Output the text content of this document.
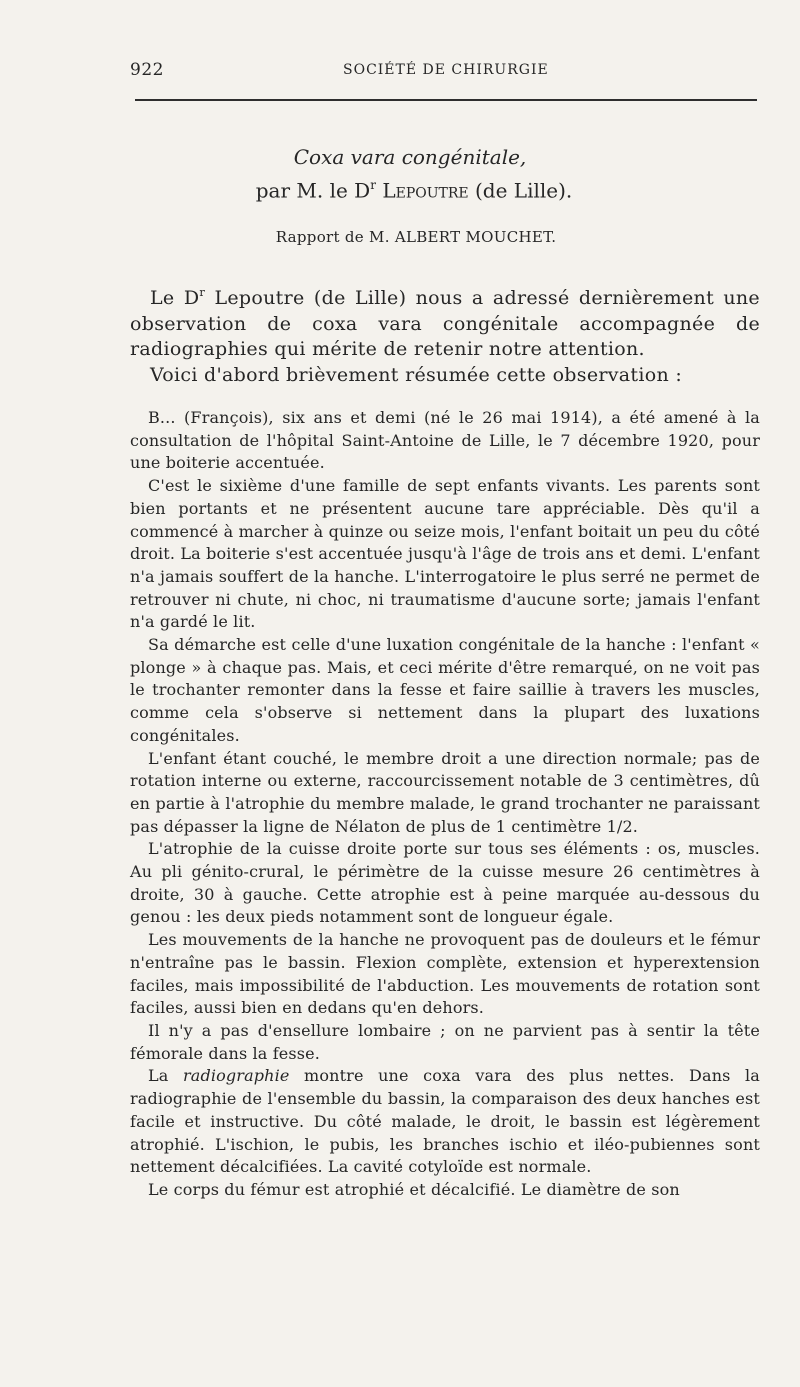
922	SOCIÉTÉ DE CHIRURGIE
Coxa vara congénitale,
par M. le $D^r$ Lepoutre (de Lille).
Rapport de M. ALBERT MOUCHET.

Le $D^r$ Lepoutre (de Lille) nous a adressé dernièrement une observation de coxa vara congénitale accompagnée de radiographies qui mérite de retenir notre attention.

Voici d'abord brièvement résumée cette observation :

B... (François), six ans et demi (né le 26 mai 1914), a été amené à la consultation de l'hôpital Saint-Antoine de Lille, le 7 décembre 1920, pour une boiterie accentuée.

C'est le sixième d'une famille de sept enfants vivants. Les parents sont bien portants et ne présentent aucune tare appréciable. Dès qu'il a commencé à marcher à quinze ou seize mois, l'enfant boitait un peu du côté droit. La boiterie s'est accentuée jusqu'à l'âge de trois ans et demi. L'enfant n'a jamais souffert de la hanche. L'interrogatoire le plus serré ne permet de retrouver ni chute, ni choc, ni traumatisme d'aucune sorte; jamais l'enfant n'a gardé le lit.

Sa démarche est celle d'une luxation congénitale de la hanche : l'enfant « plonge » à chaque pas. Mais, et ceci mérite d'être remarqué, on ne voit pas le trochanter remonter dans la fesse et faire saillie à travers les muscles, comme cela s'observe si nettement dans la plupart des luxations congénitales.

L'enfant étant couché, le membre droit a une direction normale; pas de rotation interne ou externe, raccourcissement notable de 3 centimètres, dû en partie à l'atrophie du membre malade, le grand trochanter ne paraissant pas dépasser la ligne de Nélaton de plus de 1 centimètre 1/2.

L'atrophie de la cuisse droite porte sur tous ses éléments : os, muscles. Au pli génito-crural, le périmètre de la cuisse mesure 26 centimètres à droite, 30 à gauche. Cette atrophie est à peine marquée au-dessous du genou : les deux pieds notamment sont de longueur égale.

Les mouvements de la hanche ne provoquent pas de douleurs et le fémur n'entraîne pas le bassin. Flexion complète, extension et hyperextension faciles, mais impossibilité de l'abduction. Les mouvements de rotation sont faciles, aussi bien en dedans qu'en dehors.

Il n'y a pas d'ensellure lombaire ; on ne parvient pas à sentir la tête fémorale dans la fesse.

La radiographie montre une coxa vara des plus nettes. Dans la radiographie de l'ensemble du bassin, la comparaison des deux hanches est facile et instructive. Du côté malade, le droit, le bassin est légèrement atrophié. L'ischion, le pubis, les branches ischio et iléo-pubiennes sont nettement décalcifiées. La cavité cotyloïde est normale.

Le corps du fémur est atrophié et décalcifié. Le diamètre de son
